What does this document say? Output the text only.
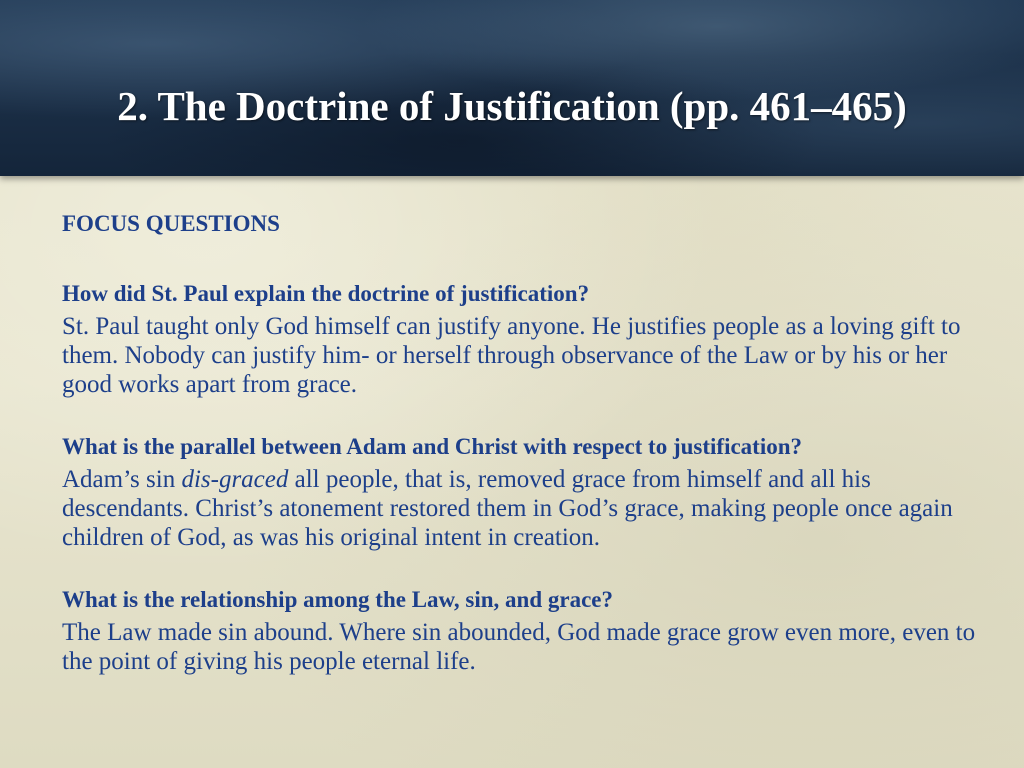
2. The Doctrine of Justification (pp. 461–465)

FOCUS QUESTIONS

How did St. Paul explain the doctrine of justification?

St. Paul taught only God himself can justify anyone. He justifies people as a loving gift to them. Nobody can justify him- or herself through observance of the Law or by his or her good works apart from grace.

What is the parallel between Adam and Christ with respect to justification?

Adam’s sin dis-graced all people, that is, removed grace from himself and all his descendants. Christ’s atonement restored them in God’s grace, making people once again children of God, as was his original intent in creation.

What is the relationship among the Law, sin, and grace?

The Law made sin abound. Where sin abounded, God made grace grow even more, even to the point of giving his people eternal life.
